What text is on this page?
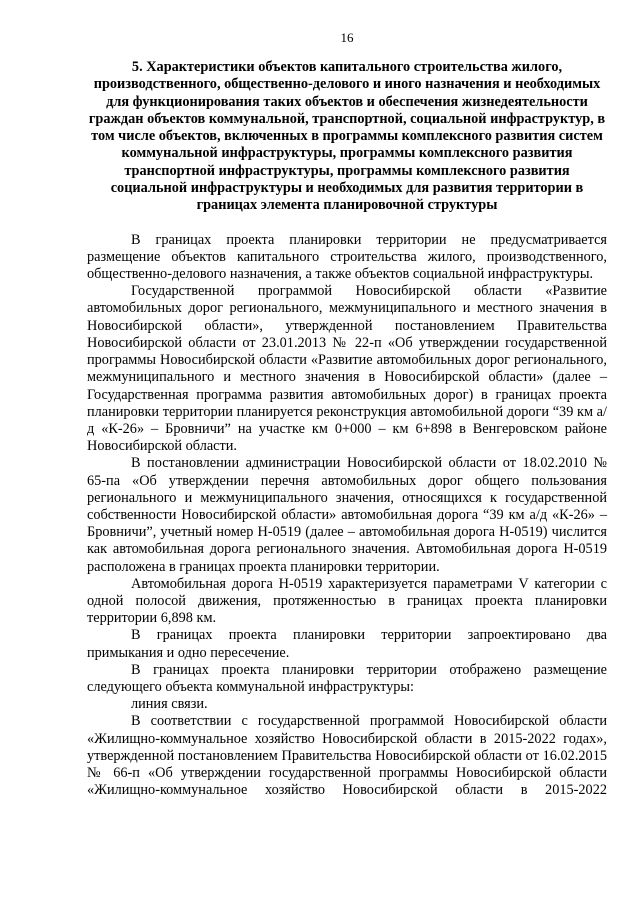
16
5. Характеристики объектов капитального строительства жилого, производственного, общественно-делового и иного назначения и необходимых для функционирования таких объектов и обеспечения жизнедеятельности граждан объектов коммунальной, транспортной, социальной инфраструктур, в том числе объектов, включенных в программы комплексного развития систем коммунальной инфраструктуры, программы комплексного развития транспортной инфраструктуры, программы комплексного развития социальной инфраструктуры и необходимых для развития территории в границах элемента планировочной структуры

В границах проекта планировки территории не предусматривается размещение объектов капитального строительства жилого, производственного, общественно-делового назначения, а также объектов социальной инфраструктуры.

Государственной программой Новосибирской области «Развитие автомобильных дорог регионального, межмуниципального и местного значения в Новосибирской области», утвержденной постановлением Правительства Новосибирской области от 23.01.2013 № 22-п «Об утверждении государственной программы Новосибирской области «Развитие автомобильных дорог регионального, межмуниципального и местного значения в Новосибирской области» (далее – Государственная программа развития автомобильных дорог) в границах проекта планировки территории планируется реконструкция автомобильной дороги “39 км а/д «К-26» – Бровничи” на участке км 0+000 – км 6+898 в Венгеровском районе Новосибирской области.

В постановлении администрации Новосибирской области от 18.02.2010 № 65-па «Об утверждении перечня автомобильных дорог общего пользования регионального и межмуниципального значения, относящихся к государственной собственности Новосибирской области» автомобильная дорога “39 км а/д «К-26» – Бровничи”, учетный номер Н-0519 (далее – автомобильная дорога Н-0519) числится как автомобильная дорога регионального значения. Автомобильная дорога Н-0519 расположена в границах проекта планировки территории.

Автомобильная дорога Н-0519 характеризуется параметрами V категории с одной полосой движения, протяженностью в границах проекта планировки территории 6,898 км.

В границах проекта планировки территории запроектировано два примыкания и одно пересечение.

В границах проекта планировки территории отображено размещение следующего объекта коммунальной инфраструктуры:

линия связи.

В соответствии с государственной программой Новосибирской области «Жилищно-коммунальное хозяйство Новосибирской области в 2015-2022 годах», утвержденной постановлением Правительства Новосибирской области от 16.02.2015 № 66-п «Об утверждении государственной программы Новосибирской области «Жилищно-коммунальное хозяйство Новосибирской области в 2015-2022
